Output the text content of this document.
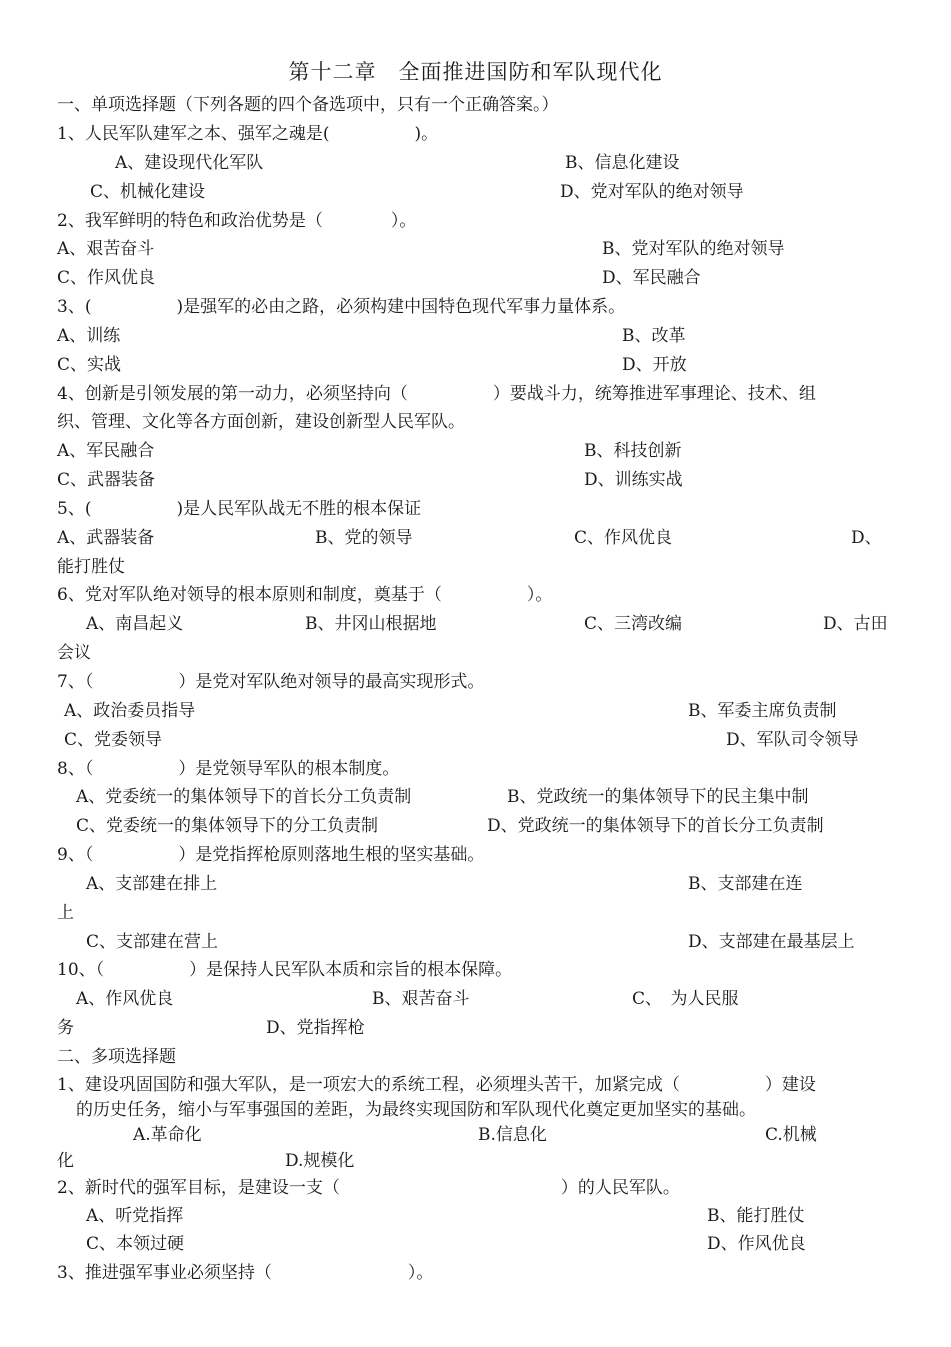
第十二章　全面推进国防和军队现代化
一、单项选择题（下列各题的四个备选项中，只有一个正确答案。）
1、人民军队建军之本、强军之魂是(　　　　　)。
A、建设现代化军队	B、信息化建设
C、机械化建设	D、党对军队的绝对领导
2、我军鲜明的特色和政治优势是（　　　　）。
A、艰苦奋斗	B、党对军队的绝对领导
C、作风优良	D、军民融合
3、(　　　　　)是强军的必由之路，必须构建中国特色现代军事力量体系。
A、训练	B、改革
C、实战	D、开放
4、创新是引领发展的第一动力，必须坚持向（　　　　　）要战斗力，统筹推进军事理论、技术、组
织、管理、文化等各方面创新，建设创新型人民军队。
A、军民融合	B、科技创新
C、武器装备	D、训练实战
5、(　　　　　)是人民军队战无不胜的根本保证
A、武器装备	B、党的领导	C、作风优良	D、
能打胜仗
6、党对军队绝对领导的根本原则和制度，奠基于（　　　　　）。
A、南昌起义	B、井冈山根据地	C、三湾改编	D、古田
会议
7、（　　　　　）是党对军队绝对领导的最高实现形式。
A、政治委员指导	B、军委主席负责制
C、党委领导	D、军队司令领导
8、（　　　　　）是党领导军队的根本制度。
A、党委统一的集体领导下的首长分工负责制	B、党政统一的集体领导下的民主集中制
C、党委统一的集体领导下的分工负责制	D、党政统一的集体领导下的首长分工负责制
9、（　　　　　）是党指挥枪原则落地生根的坚实基础。
A、支部建在排上	B、支部建在连
上
C、支部建在营上	D、支部建在最基层上
10、（　　　　　）是保持人民军队本质和宗旨的根本保障。
A、作风优良	B、艰苦奋斗	C、　为人民服
务	D、党指挥枪
二、多项选择题
1、建设巩固国防和强大军队，是一项宏大的系统工程，必须埋头苦干，加紧完成（　　　　　）建设
的历史任务，缩小与军事强国的差距，为最终实现国防和军队现代化奠定更加坚实的基础。
A.革命化	B.信息化	C.机械
化	D.规模化
2、新时代的强军目标，是建设一支（　　　　　　　　　　　　　）的人民军队。
A、听党指挥	B、能打胜仗
C、本领过硬	D、作风优良
3、推进强军事业必须坚持（　　　　　　　　）。
